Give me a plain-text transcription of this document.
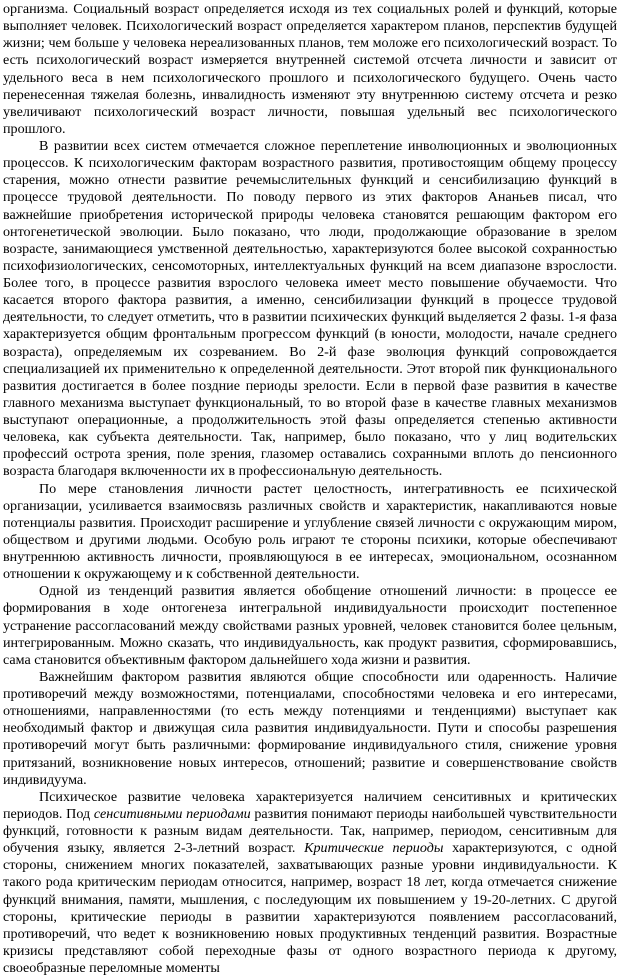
организма. Социальный возраст определяется исходя из тех социальных ролей и функций, которые выполняет человек. Психологический возраст определяется характером планов, перспектив будущей жизни; чем больше у человека нереализованных планов, тем моложе его психологический возраст. То есть психологический возраст измеряется внутренней системой отсчета личности и зависит от удельного веса в нем психологического прошлого и психологического будущего. Очень часто перенесенная тяжелая болезнь, инвалидность изменяют эту внутреннюю систему отсчета и резко увеличивают психологический возраст личности, повышая удельный вес психологического прошлого.

В развитии всех систем отмечается сложное переплетение инволюционных и эволюционных процессов. К психологическим факторам возрастного развития, противостоящим общему процессу старения, можно отнести развитие речемыслительных функций и сенсибилизацию функций в процессе трудовой деятельности. По поводу первого из этих факторов Ананьев писал, что важнейшие приобретения исторической природы человека становятся решающим фактором его онтогенетической эволюции. Было показано, что люди, продолжающие образование в зрелом возрасте, занимающиеся умственной деятельностью, характеризуются более высокой сохранностью психофизиологических, сенсомоторных, интеллектуальных функций на всем диапазоне взрослости. Более того, в процессе развития взрослого человека имеет место повышение обучаемости. Что касается второго фактора развития, а именно, сенсибилизации функций в процессе трудовой деятельности, то следует отметить, что в развитии психических функций выделяется 2 фазы. 1-я фаза характеризуется общим фронтальным прогрессом функций (в юности, молодости, начале среднего возраста), определяемым их созреванием. Во 2-й фазе эволюция функций сопровождается специализацией их применительно к определенной деятельности. Этот второй пик функционального развития достигается в более поздние периоды зрелости. Если в первой фазе развития в качестве главного механизма выступает функциональный, то во второй фазе в качестве главных механизмов выступают операционные, а продолжительность этой фазы определяется степенью активности человека, как субъекта деятельности. Так, например, было показано, что у лиц водительских профессий острота зрения, поле зрения, глазомер оставались сохранными вплоть до пенсионного возраста благодаря включенности их в профессиональную деятельность.

По мере становления личности растет целостность, интегративность ее психической организации, усиливается взаимосвязь различных свойств и характеристик, накапливаются новые потенциалы развития. Происходит расширение и углубление связей личности с окружающим миром, обществом и другими людьми. Особую роль играют те стороны психики, которые обеспечивают внутреннюю активность личности, проявляющуюся в ее интересах, эмоциональном, осознанном отношении к окружающему и к собственной деятельности.

Одной из тенденций развития является обобщение отношений личности: в процессе ее формирования в ходе онтогенеза интегральной индивидуальности происходит постепенное устранение рассогласований между свойствами разных уровней, человек становится более цельным, интегрированным. Можно сказать, что индивидуальность, как продукт развития, сформировавшись, сама становится объективным фактором дальнейшего хода жизни и развития.

Важнейшим фактором развития являются общие способности или одаренность. Наличие противоречий между возможностями, потенциалами, способностями человека и его интересами, отношениями, направленностями (то есть между потенциями и тенденциями) выступает как необходимый фактор и движущая сила развития индивидуальности. Пути и способы разрешения противоречий могут быть различными: формирование индивидуального стиля, снижение уровня притязаний, возникновение новых интересов, отношений; развитие и совершенствование свойств индивидуума.

Психическое развитие человека характеризуется наличием сенситивных и критических периодов. Под сенситивными периодами развития понимают периоды наибольшей чувствительности функций, готовности к разным видам деятельности. Так, например, периодом, сенситивным для обучения языку, является 2-3-летний возраст. Критические периоды характеризуются, с одной стороны, снижением многих показателей, захватывающих разные уровни индивидуальности. К такого рода критическим периодам относится, например, возраст 18 лет, когда отмечается снижение функций внимания, памяти, мышления, с последующим их повышением у 19-20-летних. С другой стороны, критические периоды в развитии характеризуются появлением рассогласований, противоречий, что ведет к возникновению новых продуктивных тенденций развития. Возрастные кризисы представляют собой переходные фазы от одного возрастного периода к другому, своеобразные переломные моменты
